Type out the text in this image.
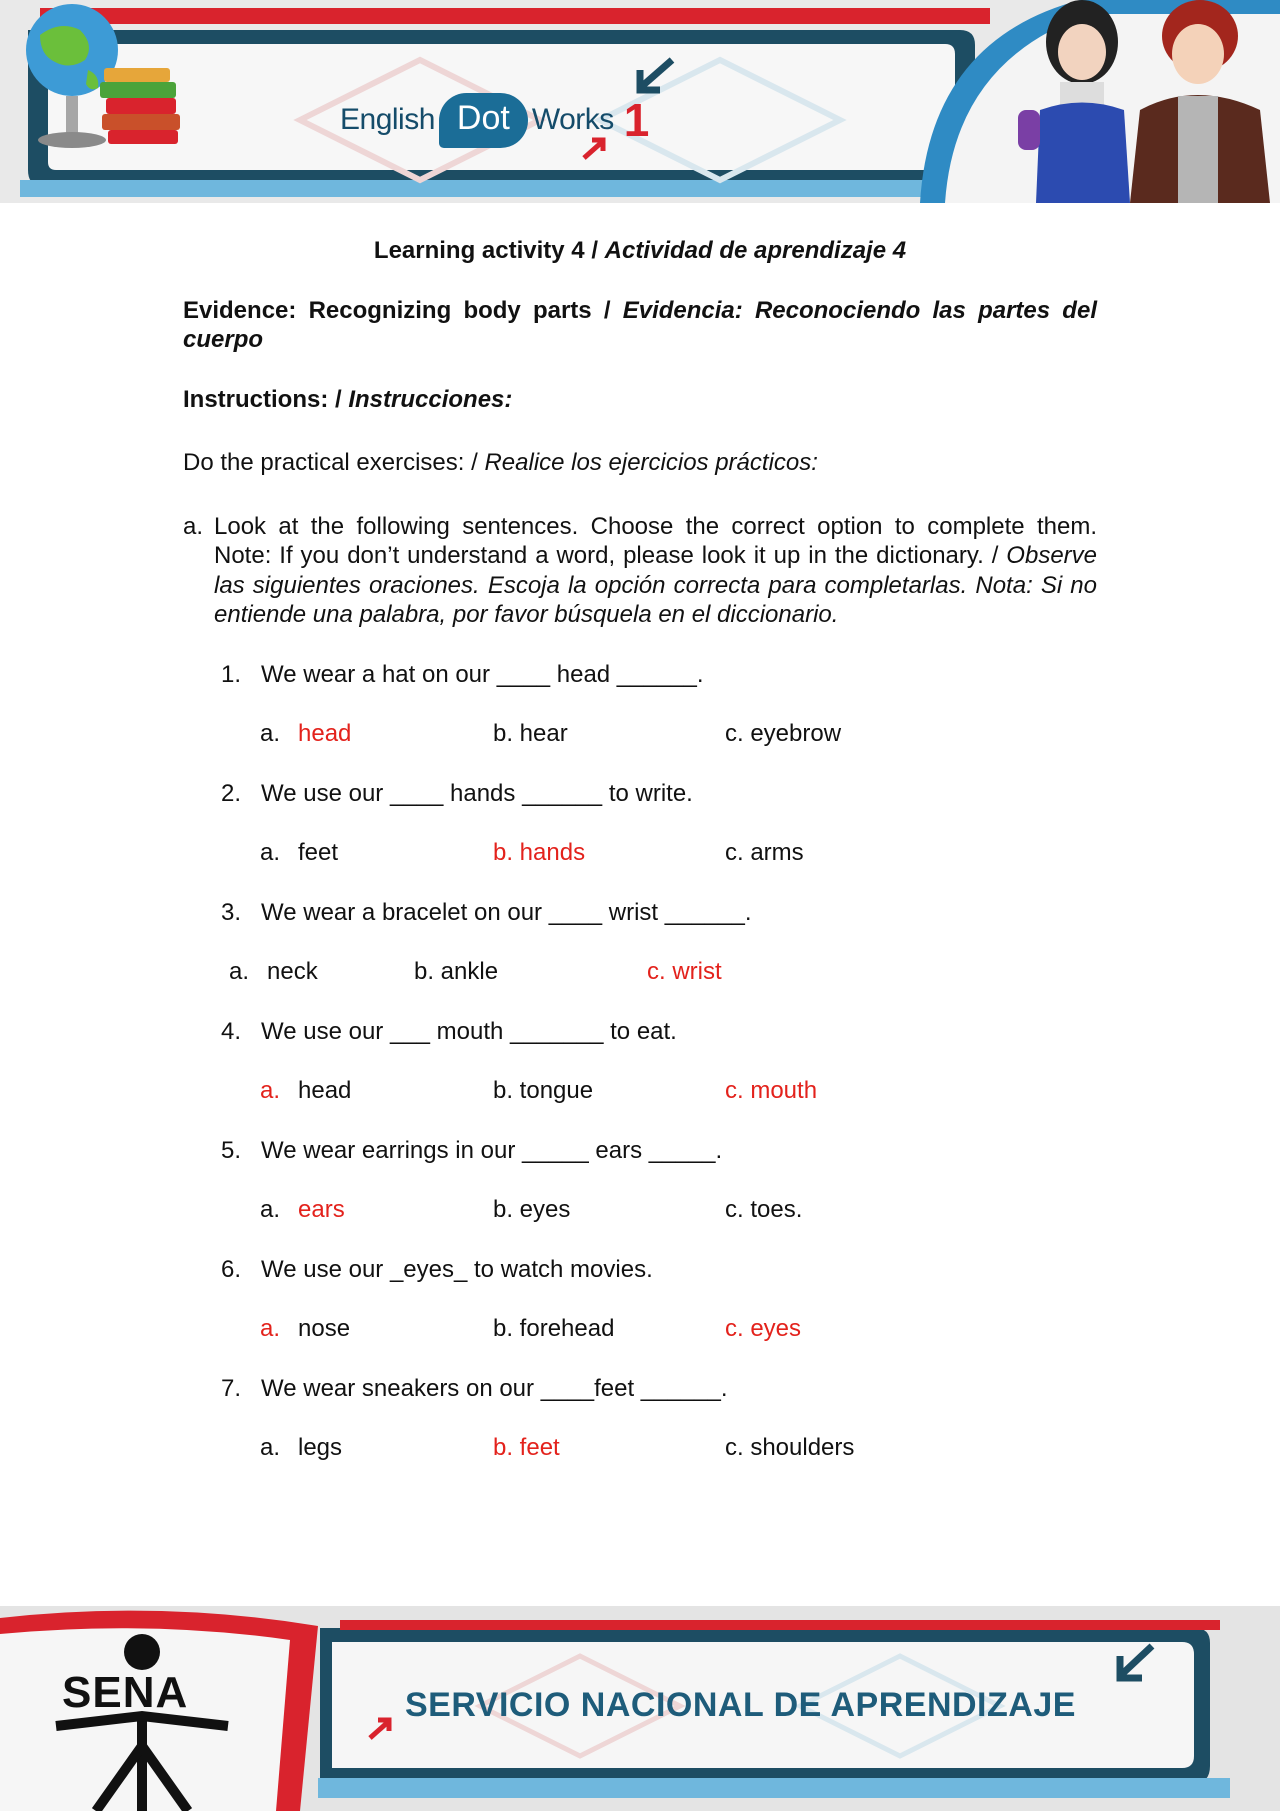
English Dot Works 1
Learning activity 4 / Actividad de aprendizaje 4
Evidence: Recognizing body parts / Evidencia: Reconociendo las partes del cuerpo
Instructions: / Instrucciones:
Do the practical exercises: / Realice los ejercicios prácticos:
a. Look at the following sentences. Choose the correct option to complete them. Note: If you don’t understand a word, please look it up in the dictionary. / Observe las siguientes oraciones. Escoja la opción correcta para completarlas. Nota: Si no entiende una palabra, por favor búsquela en el diccionario.
1. We wear a hat on our ____ head ______.
a. head	b. hear	c. eyebrow
2. We use our ____ hands ______ to write.
a. feet	b. hands	c. arms
3. We wear a bracelet on our ____ wrist ______.
a. neck	b. ankle	c. wrist
4. We use our ___ mouth _______ to eat.
a. head	b. tongue	c. mouth
5. We wear earrings in our _____ ears _____.
a. ears	b. eyes	c. toes.
6. We use our _eyes_ to watch movies.
a. nose	b. forehead	c. eyes
7. We wear sneakers on our ____feet ______.
a. legs	b. feet	c. shoulders
SENA	SERVICIO NACIONAL DE APRENDIZAJE
